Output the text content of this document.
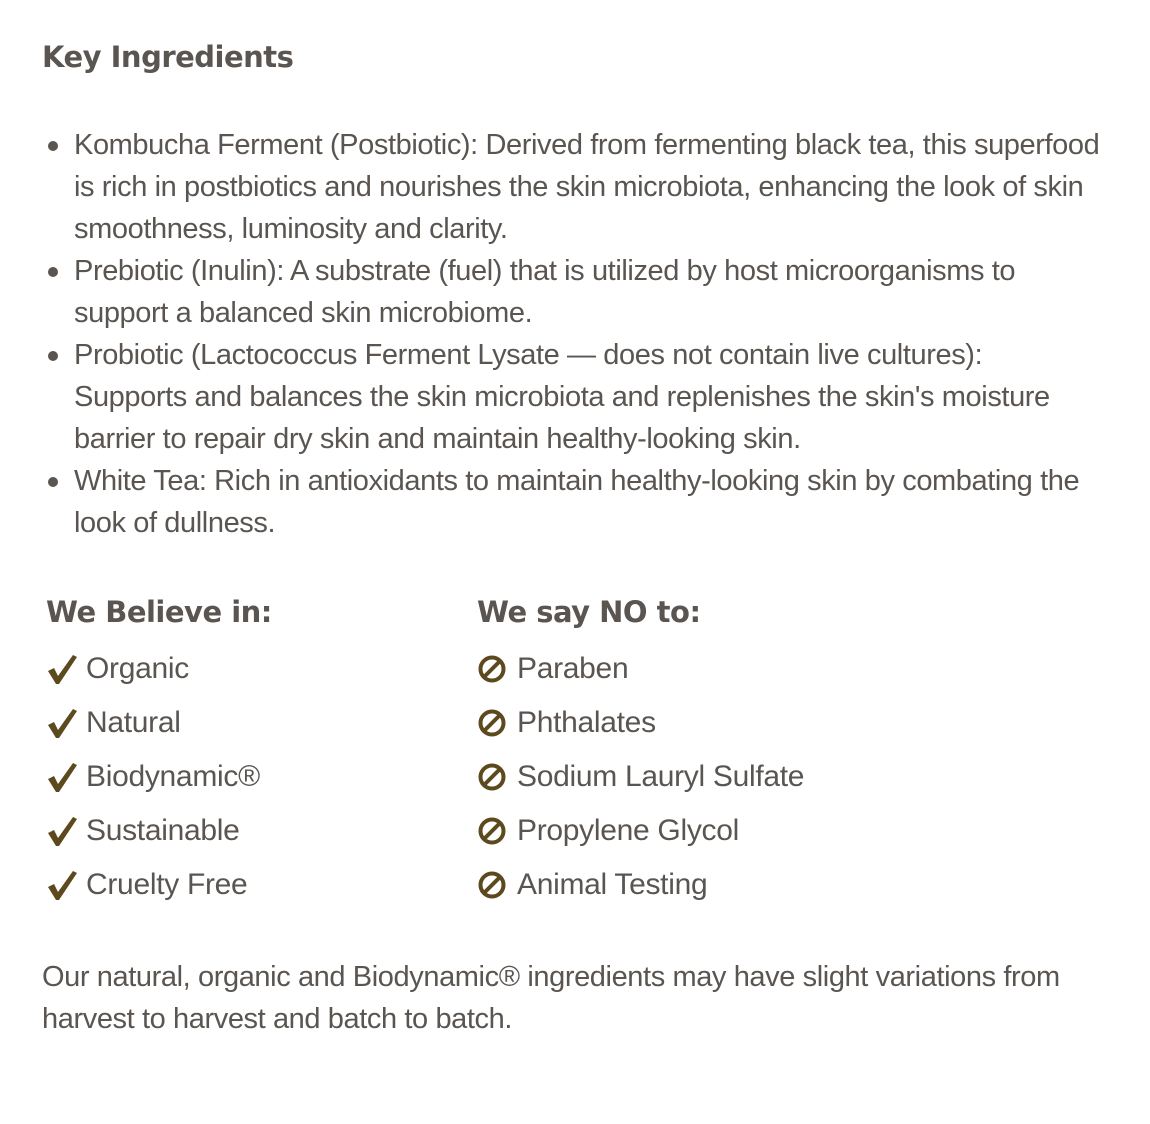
Key Ingredients
Kombucha Ferment (Postbiotic): Derived from fermenting black tea, this superfood is rich in postbiotics and nourishes the skin microbiota, enhancing the look of skin smoothness, luminosity and clarity.
Prebiotic (Inulin): A substrate (fuel) that is utilized by host microorganisms to support a balanced skin microbiome.
Probiotic (Lactococcus Ferment Lysate — does not contain live cultures): Supports and balances the skin microbiota and replenishes the skin's moisture barrier to repair dry skin and maintain healthy-looking skin.
White Tea: Rich in antioxidants to maintain healthy-looking skin by combating the look of dullness.
We Believe in:
Organic
Natural
Biodynamic®
Sustainable
Cruelty Free
We say NO to:
Paraben
Phthalates
Sodium Lauryl Sulfate
Propylene Glycol
Animal Testing

Our natural, organic and Biodynamic® ingredients may have slight variations from harvest to harvest and batch to batch.
